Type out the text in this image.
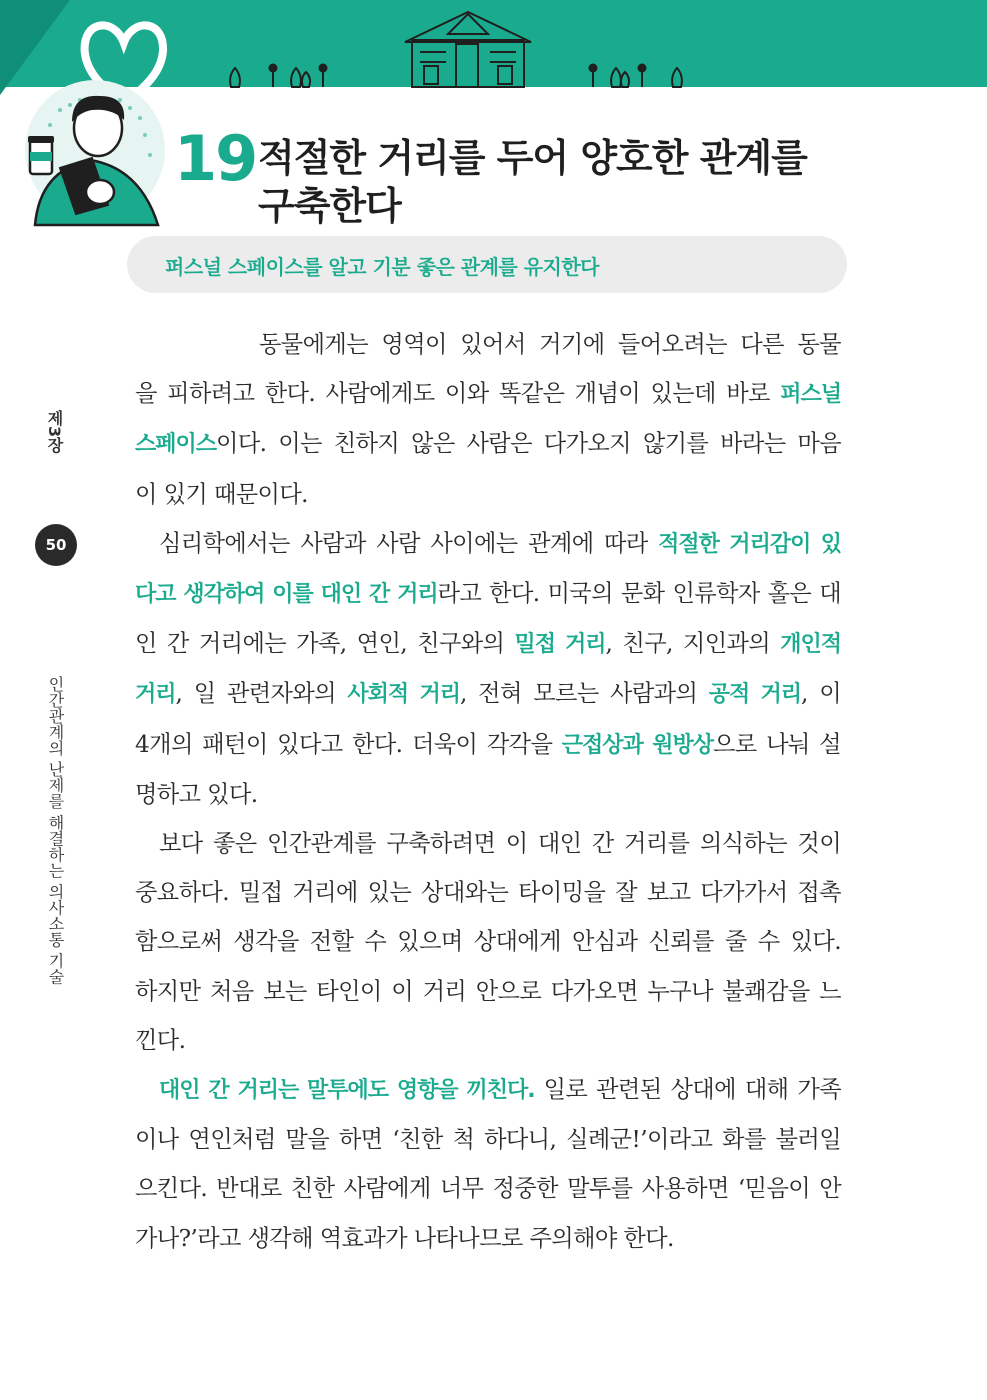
19 적절한 거리를 두어 양호한 관계를
구축한다
퍼스널 스페이스를 알고 기분 좋은 관계를 유지한다
제3장
50
인간관계의 난제를 해결하는 의사소통 기술
동물에게는 영역이 있어서 거기에 들어오려는 다른 동물
을 피하려고 한다. 사람에게도 이와 똑같은 개념이 있는데 바로 퍼스널
스페이스이다. 이는 친하지 않은 사람은 다가오지 않기를 바라는 마음
이 있기 때문이다.
심리학에서는 사람과 사람 사이에는 관계에 따라 적절한 거리감이 있
다고 생각하여 이를 대인 간 거리라고 한다. 미국의 문화 인류학자 홀은 대
인 간 거리에는 가족, 연인, 친구와의 밀접 거리, 친구, 지인과의 개인적
거리, 일 관련자와의 사회적 거리, 전혀 모르는 사람과의 공적 거리, 이
4개의 패턴이 있다고 한다. 더욱이 각각을 근접상과 원방상으로 나눠 설
명하고 있다.
보다 좋은 인간관계를 구축하려면 이 대인 간 거리를 의식하는 것이
중요하다. 밀접 거리에 있는 상대와는 타이밍을 잘 보고 다가가서 접촉
함으로써 생각을 전할 수 있으며 상대에게 안심과 신뢰를 줄 수 있다.
하지만 처음 보는 타인이 이 거리 안으로 다가오면 누구나 불쾌감을 느
낀다.
대인 간 거리는 말투에도 영향을 끼친다. 일로 관련된 상대에 대해 가족
이나 연인처럼 말을 하면 ‘친한 척 하다니, 실례군!’이라고 화를 불러일
으킨다. 반대로 친한 사람에게 너무 정중한 말투를 사용하면 ‘믿음이 안
가나?’라고 생각해 역효과가 나타나므로 주의해야 한다.
